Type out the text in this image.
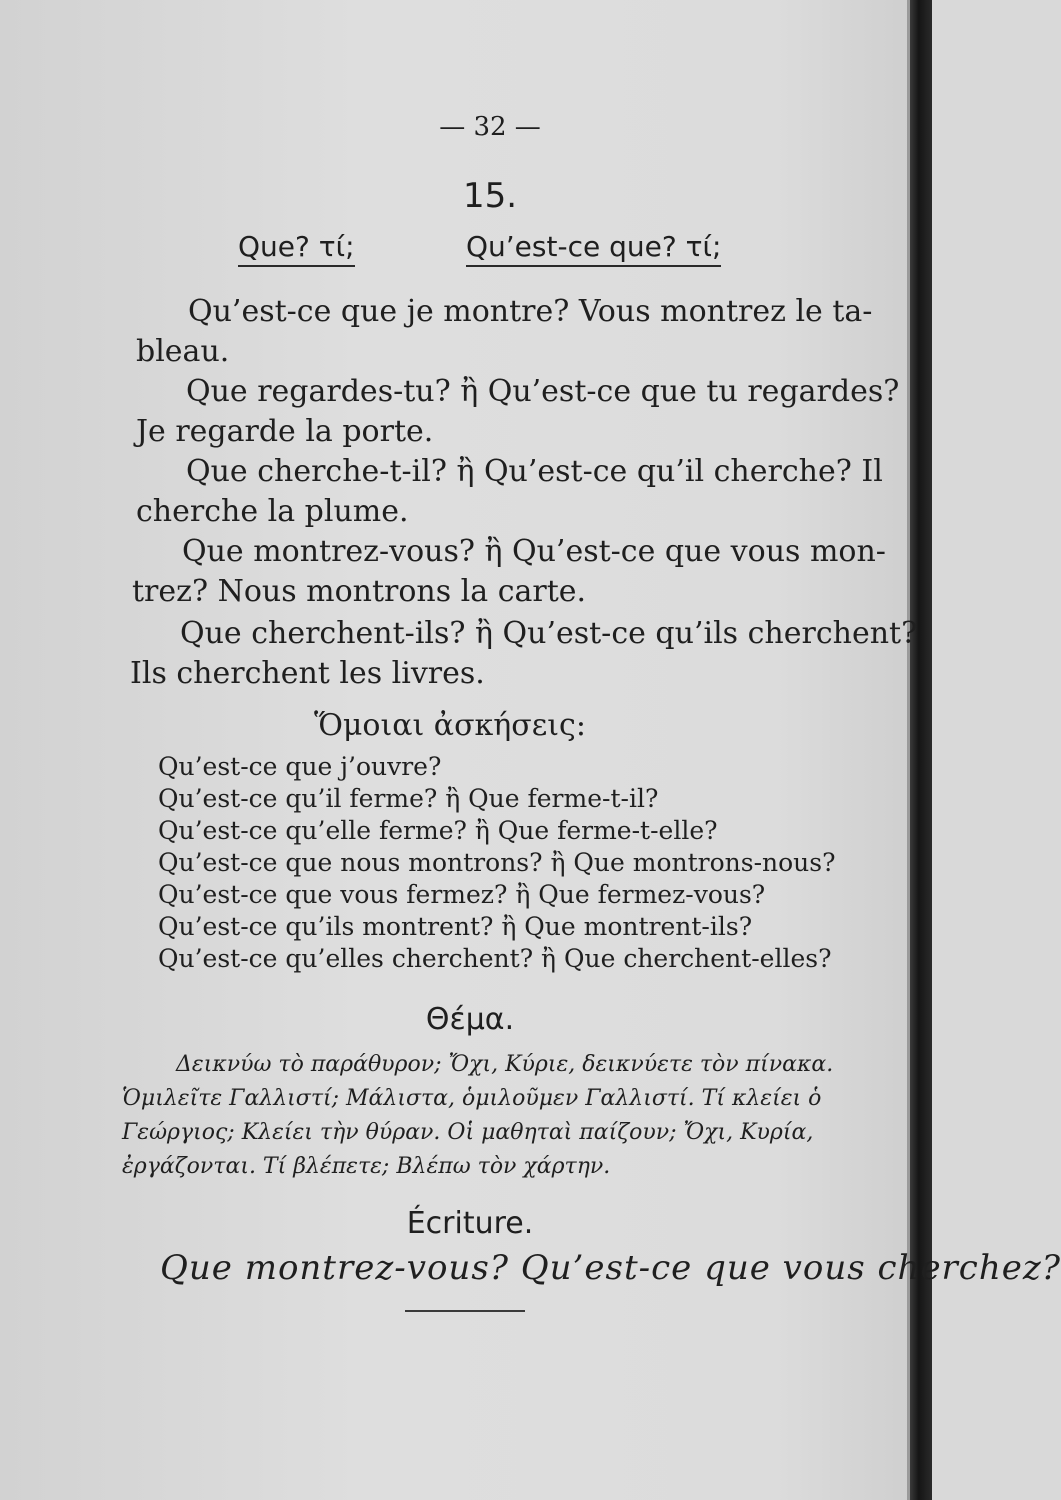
— 32 —
15.
Que? τί;	Qu’est-ce que? τί;
Qu’est-ce que je montre? Vous montrez le ta-
bleau.
Que regardes-tu? ἢ Qu’est-ce que tu regardes?
Je regarde la porte.
Que cherche-t-il? ἢ Qu’est-ce qu’il cherche? Il
cherche la plume.
Que montrez-vous? ἢ Qu’est-ce que vous mon-
trez? Nous montrons la carte.
Que cherchent-ils? ἢ Qu’est-ce qu’ils cherchent?
Ils cherchent les livres.
Ὅμοιαι ἀσκήσεις:
Qu’est-ce que j’ouvre?
Qu’est-ce qu’il ferme? ἢ Que ferme-t-il?
Qu’est-ce qu’elle ferme? ἢ Que ferme-t-elle?
Qu’est-ce que nous montrons? ἢ Que montrons-nous?
Qu’est-ce que vous fermez? ἢ Que fermez-vous?
Qu’est-ce qu’ils montrent? ἢ Que montrent-ils?
Qu’est-ce qu’elles cherchent? ἢ Que cherchent-elles?
Θέμα.
Δεικνύω τὸ παράθυρον; Ὄχι, Κύριε, δεικνύετε τὸν πίνακα.
Ὁμιλεῖτε Γαλλιστί; Μάλιστα, ὁμιλοῦμεν Γαλλιστί. Τί κλείει ὁ
Γεώργιος; Κλείει τὴν θύραν. Οἱ μαθηταὶ παίζουν; Ὄχι, Κυρία,
ἐργάζονται. Τί βλέπετε; Βλέπω τὸν χάρτην.
Écriture.
Que montrez-vous? Qu’est-ce que vous cherchez?
